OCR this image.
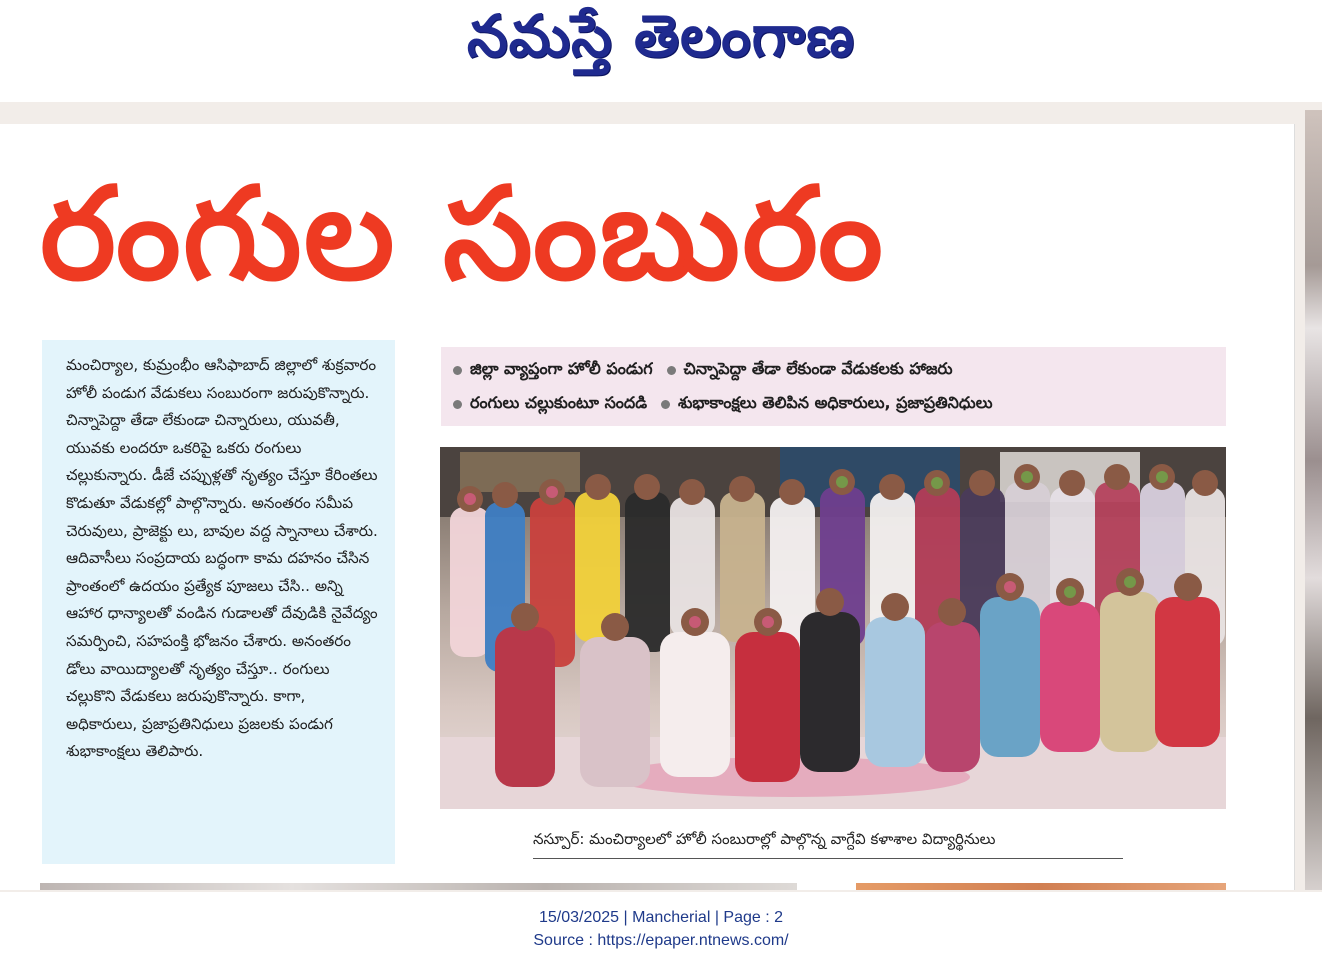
నమస్తే తెలంగాణ
రంగుల సంబురం

మంచిర్యాల, కుమ్రంభీం ఆసిఫాబాద్ జిల్లాలో శుక్రవారం హోలీ పండుగ వేడుకలు సంబురంగా జరుపుకొన్నారు. చిన్నాపెద్దా తేడా లేకుండా చిన్నారులు, యువతీ, యువకు లందరూ ఒకరిపై ఒకరు రంగులు చల్లుకున్నారు. డీజే చప్పుళ్లతో నృత్యం చేస్తూ కేరింతలు కొడుతూ వేడుకల్లో పాల్గొన్నారు. అనంతరం సమీప చెరువులు, ప్రాజెక్టు లు, బావుల వద్ద స్నానాలు చేశారు. ఆదివాసీలు సంప్రదాయ బద్ధంగా కామ దహనం చేసిన ప్రాంతంలో ఉదయం ప్రత్యేక పూజలు చేసి.. అన్ని ఆహార ధాన్యాలతో వండిన గుడాలతో దేవుడికి నైవేద్యం సమర్పించి, సహపంక్తి భోజనం చేశారు. అనంతరం డోలు వాయిద్యాలతో నృత్యం చేస్తూ.. రంగులు చల్లుకొని వేడుకలు జరుపుకొన్నారు. కాగా, అధికారులు, ప్రజాప్రతినిధులు ప్రజలకు పండుగ శుభాకాంక్షలు తెలిపారు.

జిల్లా వ్యాప్తంగా హోలీ పండుగ చిన్నాపెద్దా తేడా లేకుండా వేడుకలకు హాజరు
రంగులు చల్లుకుంటూ సందడి శుభాకాంక్షలు తెలిపిన అధికారులు, ప్రజాప్రతినిధులు
నస్పూర్: మంచిర్యాలలో హోలీ సంబురాల్లో పాల్గొన్న వాగ్దేవి కళాశాల విద్యార్థినులు
15/03/2025 | Mancherial | Page : 2
Source : https://epaper.ntnews.com/
